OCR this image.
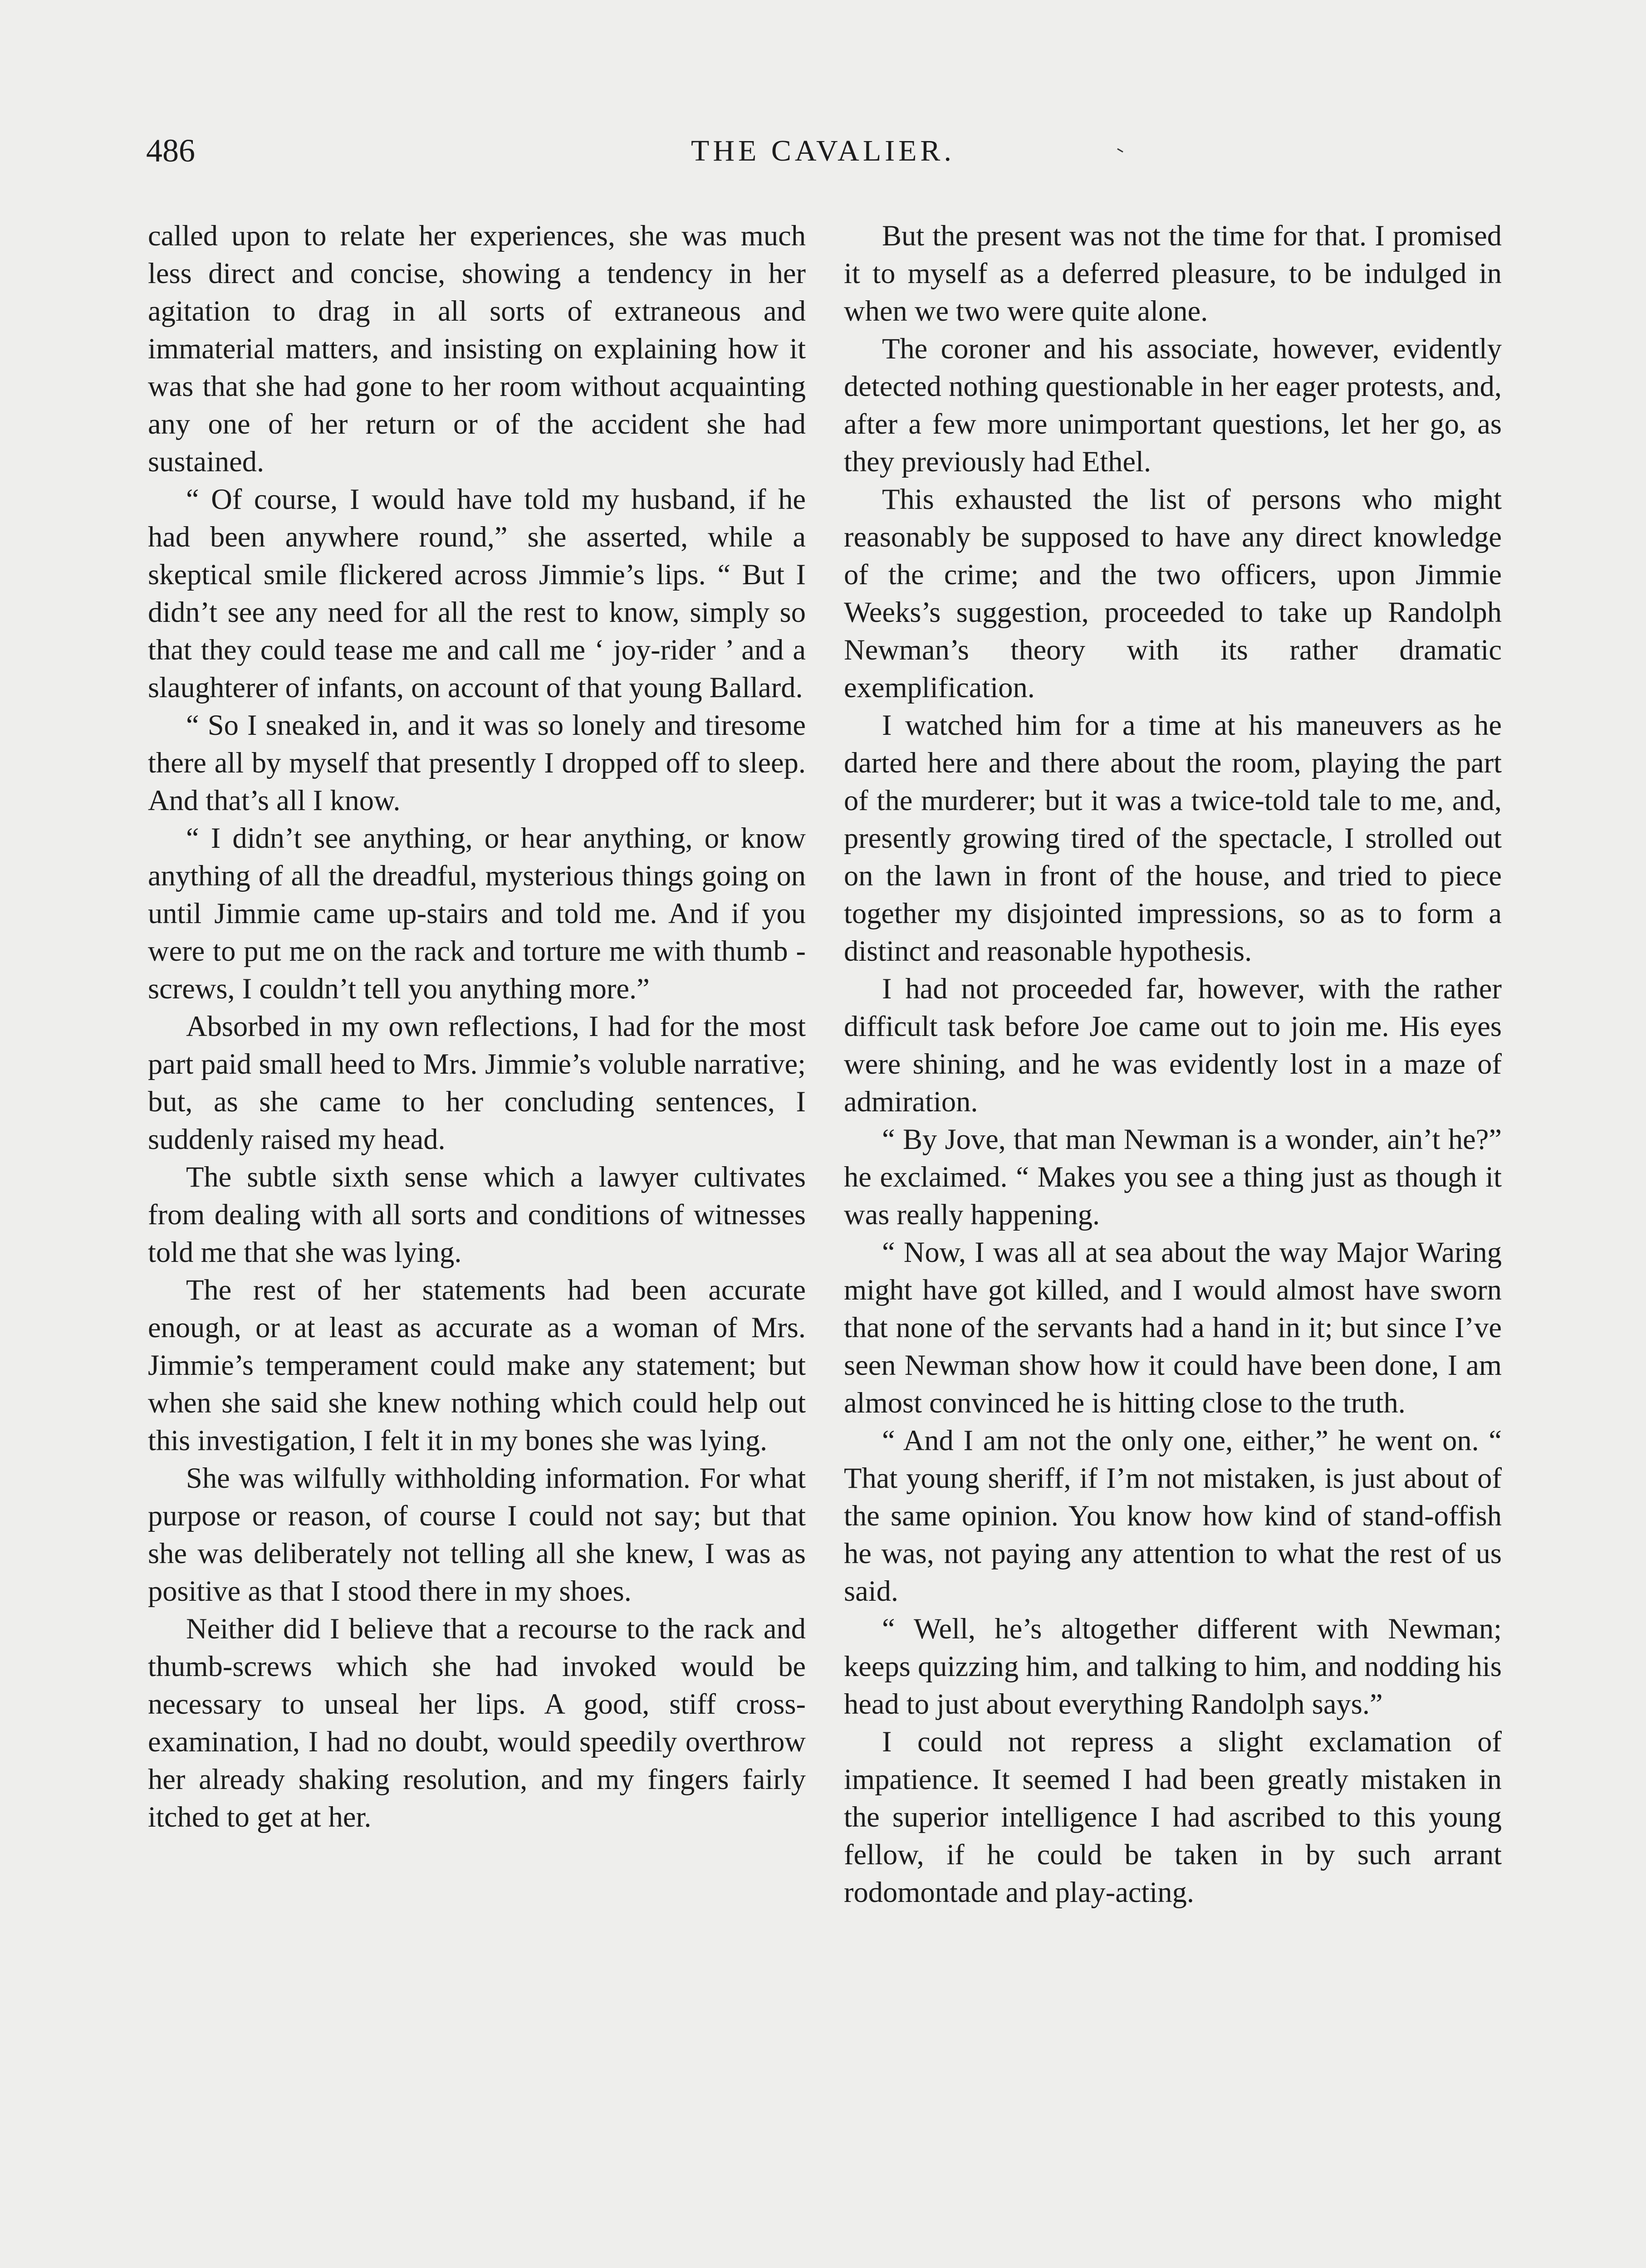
486	THE CAVALIER.

called upon to relate her experiences, she was much less direct and concise, showing a tendency in her agitation to drag in all sorts of extraneous and immaterial matters, and insisting on explaining how it was that she had gone to her room without acquainting any one of her return or of the accident she had sustained.

“ Of course, I would have told my husband, if he had been anywhere round,” she asserted, while a skeptical smile flickered across Jimmie’s lips. “ But I didn’t see any need for all the rest to know, simply so that they could tease me and call me ‘ joy-rider ’ and a slaughterer of infants, on account of that young Ballard.

“ So I sneaked in, and it was so lonely and tiresome there all by myself that presently I dropped off to sleep. And that’s all I know.

“ I didn’t see anything, or hear anything, or know anything of all the dreadful, mysterious things going on until Jimmie came up-stairs and told me. And if you were to put me on the rack and torture me with thumb - screws, I couldn’t tell you anything more.”

Absorbed in my own reflections, I had for the most part paid small heed to Mrs. Jimmie’s voluble narrative; but, as she came to her concluding sentences, I suddenly raised my head.

The subtle sixth sense which a lawyer cultivates from dealing with all sorts and conditions of witnesses told me that she was lying.

The rest of her statements had been accurate enough, or at least as accurate as a woman of Mrs. Jimmie’s temperament could make any statement; but when she said she knew nothing which could help out this investigation, I felt it in my bones she was lying.

She was wilfully withholding information. For what purpose or reason, of course I could not say; but that she was deliberately not telling all she knew, I was as positive as that I stood there in my shoes.

Neither did I believe that a recourse to the rack and thumb-screws which she had invoked would be necessary to unseal her lips. A good, stiff cross-examination, I had no doubt, would speedily overthrow her already shaking resolution, and my fingers fairly itched to get at her.

But the present was not the time for that. I promised it to myself as a deferred pleasure, to be indulged in when we two were quite alone.

The coroner and his associate, however, evidently detected nothing questionable in her eager protests, and, after a few more unimportant questions, let her go, as they previously had Ethel.

This exhausted the list of persons who might reasonably be supposed to have any direct knowledge of the crime; and the two officers, upon Jimmie Weeks’s suggestion, proceeded to take up Randolph Newman’s theory with its rather dramatic exemplification.

I watched him for a time at his maneuvers as he darted here and there about the room, playing the part of the murderer; but it was a twice-told tale to me, and, presently growing tired of the spectacle, I strolled out on the lawn in front of the house, and tried to piece together my disjointed impressions, so as to form a distinct and reasonable hypothesis.

I had not proceeded far, however, with the rather difficult task before Joe came out to join me. His eyes were shining, and he was evidently lost in a maze of admiration.

“ By Jove, that man Newman is a wonder, ain’t he?” he exclaimed. “ Makes you see a thing just as though it was really happening.

“ Now, I was all at sea about the way Major Waring might have got killed, and I would almost have sworn that none of the servants had a hand in it; but since I’ve seen Newman show how it could have been done, I am almost convinced he is hitting close to the truth.

“ And I am not the only one, either,” he went on. “ That young sheriff, if I’m not mistaken, is just about of the same opinion. You know how kind of stand-offish he was, not paying any attention to what the rest of us said.

“ Well, he’s altogether different with Newman; keeps quizzing him, and talking to him, and nodding his head to just about everything Randolph says.”

I could not repress a slight exclamation of impatience. It seemed I had been greatly mistaken in the superior intelligence I had ascribed to this young fellow, if he could be taken in by such arrant rodomontade and play-acting.
